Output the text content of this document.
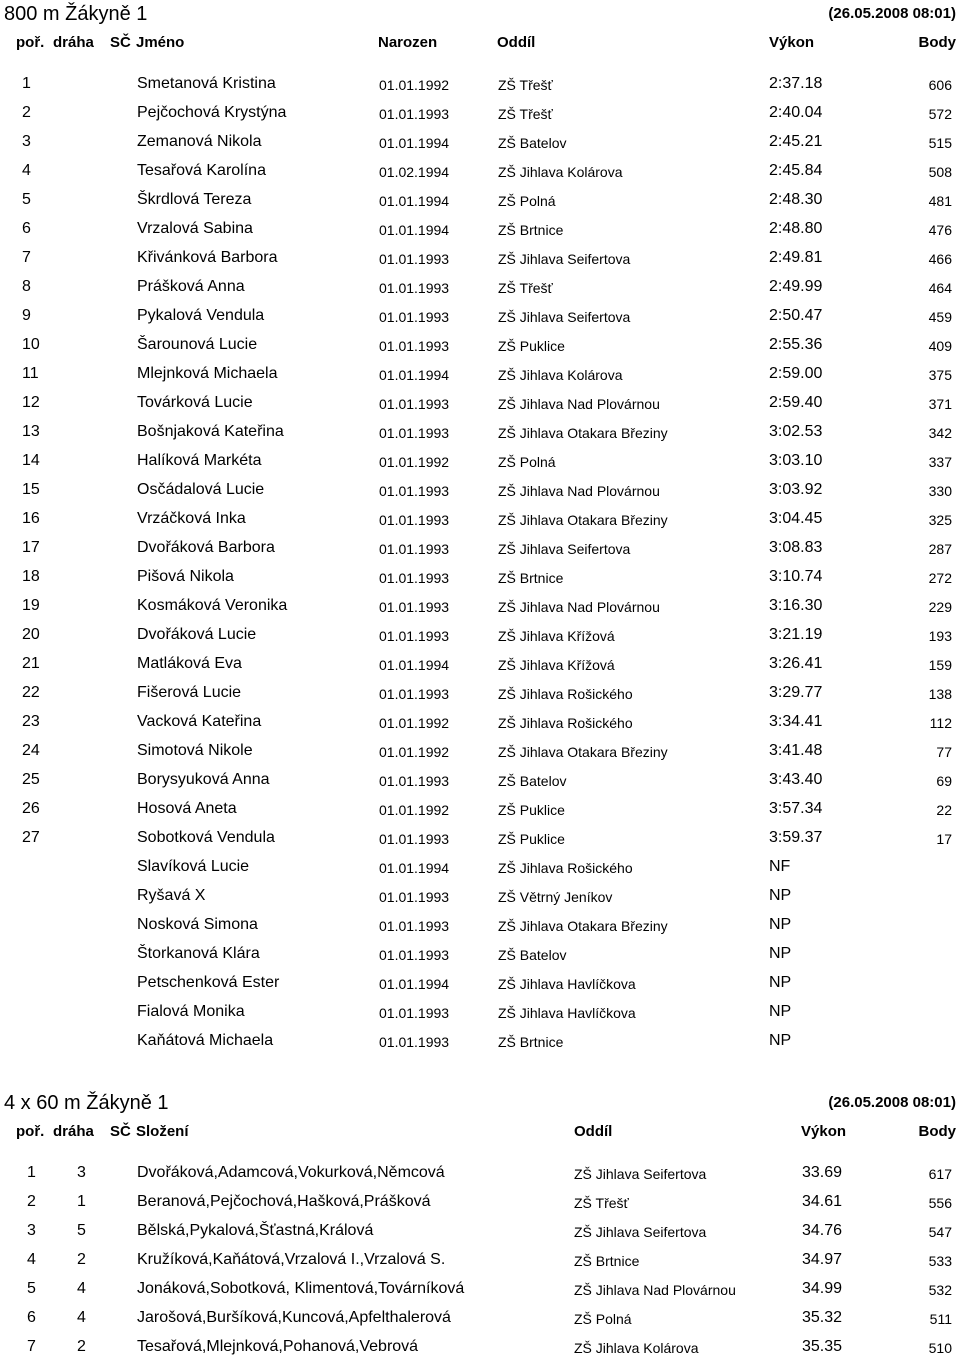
800 m Žákyně 1	(26.05.2008 08:01)
poř. dráha SČ Jméno	Narozen	Oddíl	Výkon	Body
1	Smetanová Kristina	01.01.1992	ZŠ Třešť	2:37.18	606
2	Pejčochová Krystýna	01.01.1993	ZŠ Třešť	2:40.04	572
3	Zemanová Nikola	01.01.1994	ZŠ Batelov	2:45.21	515
4	Tesařová Karolína	01.02.1994	ZŠ Jihlava Kolárova	2:45.84	508
5	Škrdlová Tereza	01.01.1994	ZŠ Polná	2:48.30	481
6	Vrzalová Sabina	01.01.1994	ZŠ Brtnice	2:48.80	476
7	Křivánková Barbora	01.01.1993	ZŠ Jihlava Seifertova	2:49.81	466
8	Prášková Anna	01.01.1993	ZŠ Třešť	2:49.99	464
9	Pykalová Vendula	01.01.1993	ZŠ Jihlava Seifertova	2:50.47	459
10	Šarounová Lucie	01.01.1993	ZŠ Puklice	2:55.36	409
11	Mlejnková Michaela	01.01.1994	ZŠ Jihlava Kolárova	2:59.00	375
12	Továrková Lucie	01.01.1993	ZŠ Jihlava Nad Plovárnou	2:59.40	371
13	Bošnjaková Kateřina	01.01.1993	ZŠ Jihlava Otakara Březiny	3:02.53	342
14	Halíková Markéta	01.01.1992	ZŠ Polná	3:03.10	337
15	Osčádalová Lucie	01.01.1993	ZŠ Jihlava Nad Plovárnou	3:03.92	330
16	Vrzáčková Inka	01.01.1993	ZŠ Jihlava Otakara Březiny	3:04.45	325
17	Dvořáková Barbora	01.01.1993	ZŠ Jihlava Seifertova	3:08.83	287
18	Pišová Nikola	01.01.1993	ZŠ Brtnice	3:10.74	272
19	Kosmáková Veronika	01.01.1993	ZŠ Jihlava Nad Plovárnou	3:16.30	229
20	Dvořáková Lucie	01.01.1993	ZŠ Jihlava Křížová	3:21.19	193
21	Matláková Eva	01.01.1994	ZŠ Jihlava Křížová	3:26.41	159
22	Fišerová Lucie	01.01.1993	ZŠ Jihlava Rošického	3:29.77	138
23	Vacková Kateřina	01.01.1992	ZŠ Jihlava Rošického	3:34.41	112
24	Simotová Nikole	01.01.1992	ZŠ Jihlava Otakara Březiny	3:41.48	77
25	Borysyuková Anna	01.01.1993	ZŠ Batelov	3:43.40	69
26	Hosová Aneta	01.01.1992	ZŠ Puklice	3:57.34	22
27	Sobotková Vendula	01.01.1993	ZŠ Puklice	3:59.37	17
Slavíková Lucie	01.01.1994	ZŠ Jihlava Rošického	NF
Ryšavá X	01.01.1993	ZŠ Větrný Jeníkov	NP
Nosková Simona	01.01.1993	ZŠ Jihlava Otakara Březiny	NP
Štorkanová Klára	01.01.1993	ZŠ Batelov	NP
Petschenková Ester	01.01.1994	ZŠ Jihlava Havlíčkova	NP
Fialová Monika	01.01.1993	ZŠ Jihlava Havlíčkova	NP
Kaňátová Michaela	01.01.1993	ZŠ Brtnice	NP
4 x 60 m Žákyně 1	(26.05.2008 08:01)
poř. dráha SČ Složení	Oddíl	Výkon	Body
1	3	Dvořáková,Adamcová,Vokurková,Němcová	ZŠ Jihlava Seifertova	33.69	617
2	1	Beranová,Pejčochová,Hašková,Prášková	ZŠ Třešť	34.61	556
3	5	Bělská,Pykalová,Šťastná,Králová	ZŠ Jihlava Seifertova	34.76	547
4	2	Kružíková,Kaňátová,Vrzalová I.,Vrzalová S.	ZŠ Brtnice	34.97	533
5	4	Jonáková,Sobotková, Klimentová,Továrníková	ZŠ Jihlava Nad Plovárnou	34.99	532
6	4	Jarošová,Buršíková,Kuncová,Apfelthalerová	ZŠ Polná	35.32	511
7	2	Tesařová,Mlejnková,Pohanová,Vebrová	ZŠ Jihlava Kolárova	35.35	510
